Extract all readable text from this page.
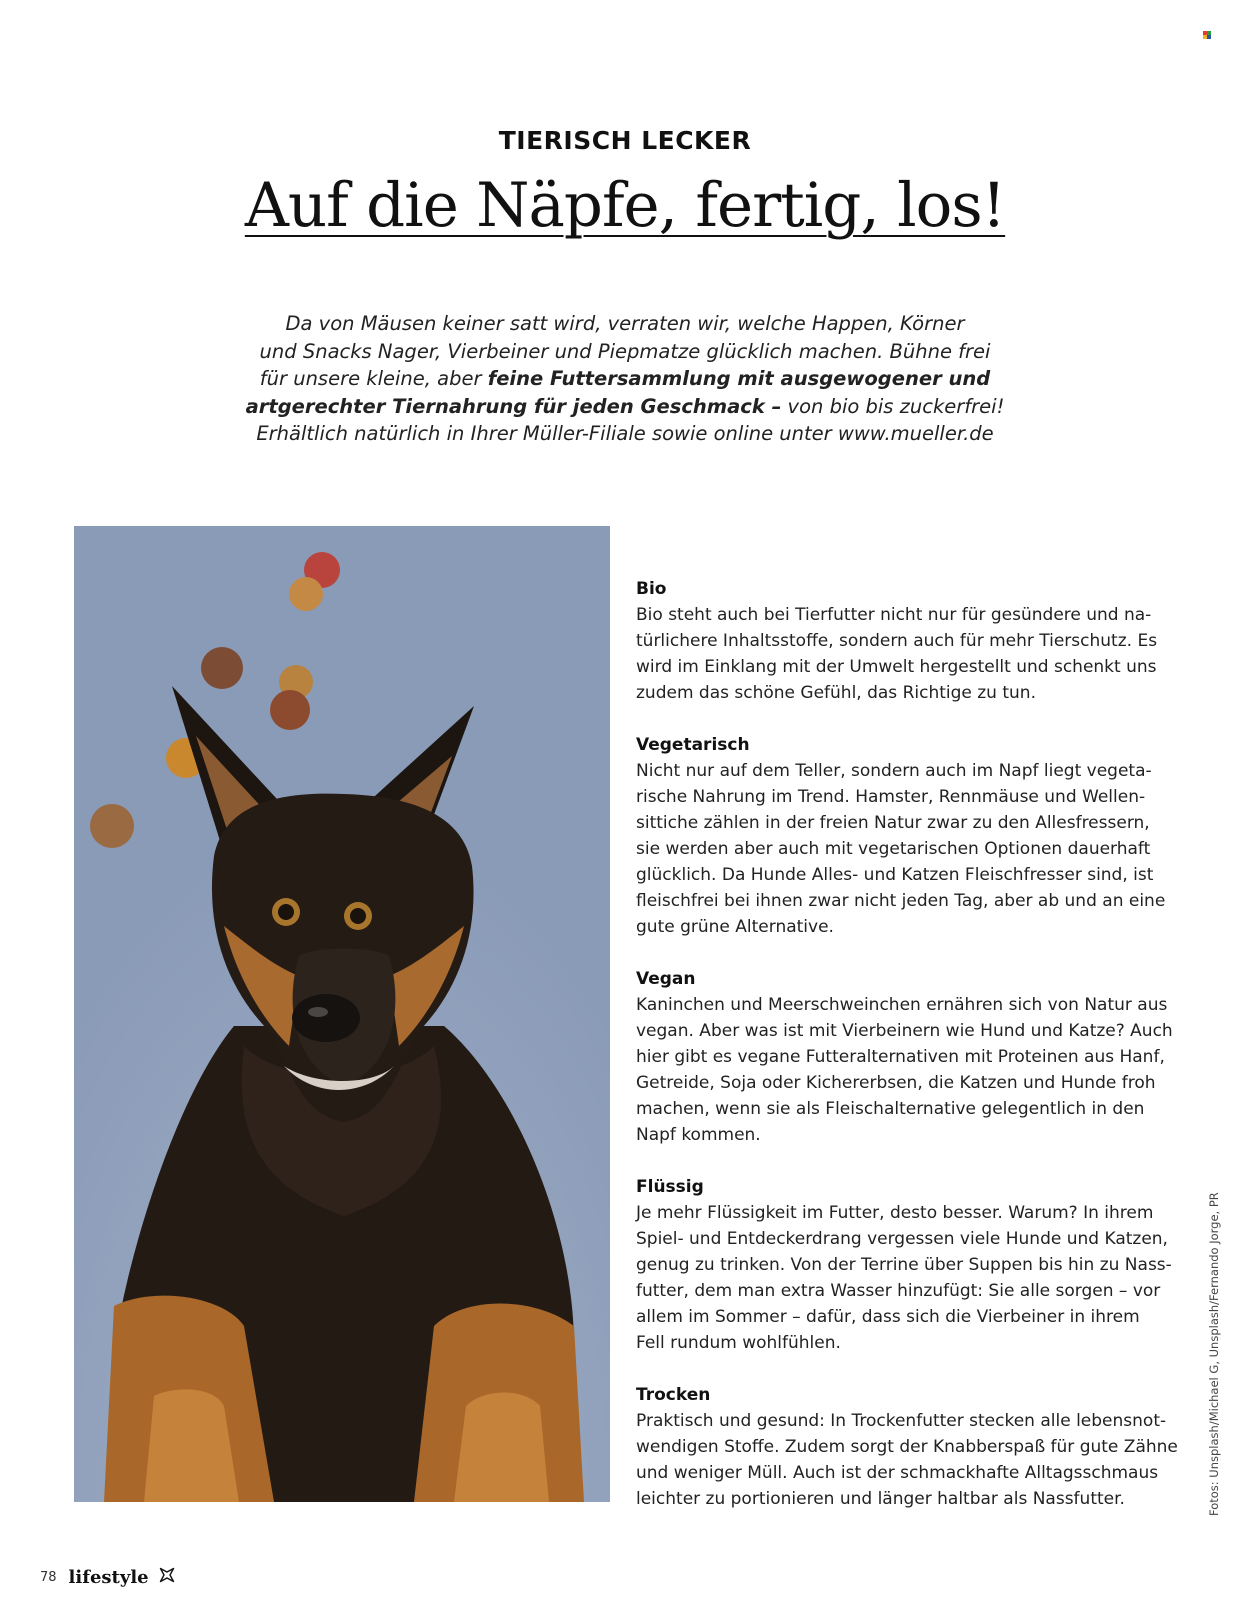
TIERISCH LECKER
Auf die Näpfe, fertig, los!

Da von Mäusen keiner satt wird, verraten wir, welche Happen, Körner

und Snacks Nager, Vierbeiner und Piepmatze glücklich machen. Bühne frei

für unsere kleine, aber feine Futtersammlung mit ausgewogener und

artgerechter Tiernahrung für jeden Geschmack – von bio bis zuckerfrei!

Erhältlich natürlich in Ihrer Müller-Filiale sowie online unter www.mueller.de

Bio

Bio steht auch bei Tierfutter nicht nur für gesündere und na-

türlichere Inhaltsstoffe, sondern auch für mehr Tierschutz. Es

wird im Einklang mit der Umwelt hergestellt und schenkt uns

zudem das schöne Gefühl, das Richtige zu tun.

Vegetarisch

Nicht nur auf dem Teller, sondern auch im Napf liegt vegeta-

rische Nahrung im Trend. Hamster, Rennmäuse und Wellen-

sittiche zählen in der freien Natur zwar zu den Allesfressern,

sie werden aber auch mit vegetarischen Optionen dauerhaft

glücklich. Da Hunde Alles- und Katzen Fleischfresser sind, ist

fleischfrei bei ihnen zwar nicht jeden Tag, aber ab und an eine

gute grüne Alternative.

Vegan

Kaninchen und Meerschweinchen ernähren sich von Natur aus

vegan. Aber was ist mit Vierbeinern wie Hund und Katze? Auch

hier gibt es vegane Futteralternativen mit Proteinen aus Hanf,

Getreide, Soja oder Kichererbsen, die Katzen und Hunde froh

machen, wenn sie als Fleischalternative gelegentlich in den

Napf kommen.

Flüssig

Je mehr Flüssigkeit im Futter, desto besser. Warum? In ihrem

Spiel- und Entdeckerdrang vergessen viele Hunde und Katzen,

genug zu trinken. Von der Terrine über Suppen bis hin zu Nass-

futter, dem man extra Wasser hinzufügt: Sie alle sorgen – vor

allem im Sommer – dafür, dass sich die Vierbeiner in ihrem

Fell rundum wohlfühlen.

Trocken

Praktisch und gesund: In Trockenfutter stecken alle lebensnot-

wendigen Stoffe. Zudem sorgt der Knabberspaß für gute Zähne

und weniger Müll. Auch ist der schmackhafte Alltagsschmaus

leichter zu portionieren und länger haltbar als Nassfutter.	Fotos: Unsplash/Michael G, Unsplash/Fernando Jorge, PR
78 lifestyle
